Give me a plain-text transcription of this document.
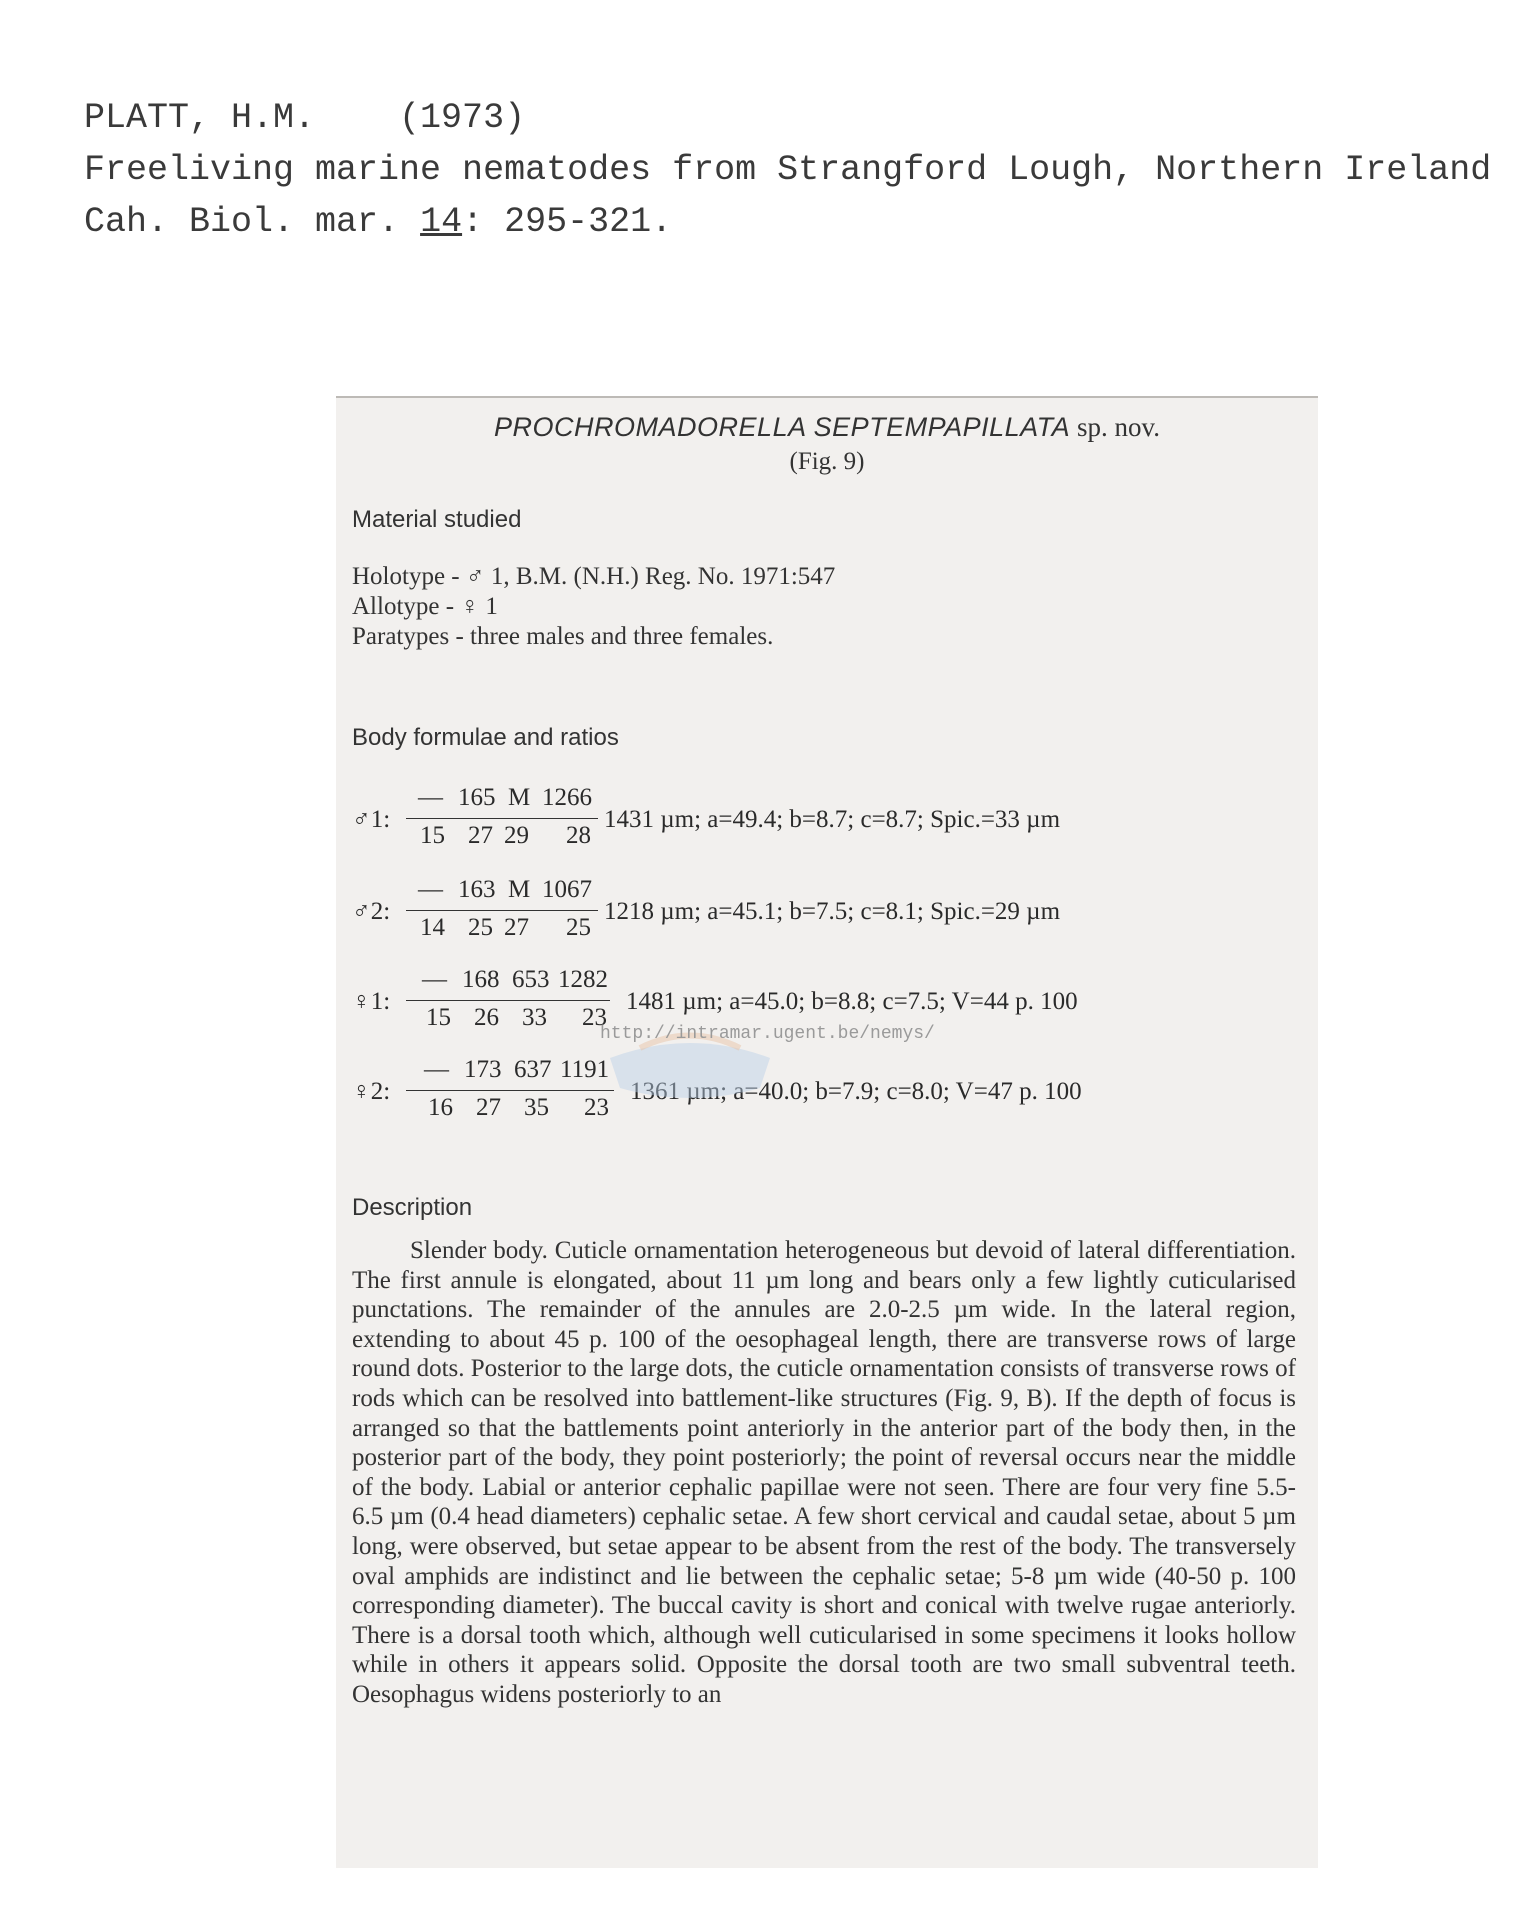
PLATT, H.M.    (1973)
Freeliving marine nematodes from Strangford Lough, Northern Ireland
Cah. Biol. mar. 14: 295-321.
PROCHROMADORELLA SEPTEMPAPILLATA sp. nov.
(Fig. 9)
Material studied
Holotype - ♂ 1, B.M. (N.H.) Reg. No. 1971:547
Allotype - ♀ 1
Paratypes - three males and three females.
Body formulae and ratios
♂1:
— 165 M 1266
15 27 29 28
1431 µm; a=49.4; b=8.7; c=8.7; Spic.=33 µm
♂2:
— 163 M 1067
14 25 27 25
1218 µm; a=45.1; b=7.5; c=8.1; Spic.=29 µm
♀1:
— 168 653 1282
15 26 33 23
1481 µm; a=45.0; b=8.8; c=7.5; V=44 p. 100
♀2:
— 173 637 1191
16 27 35 23
1361 µm; a=40.0; b=7.9; c=8.0; V=47 p. 100
http://intramar.ugent.be/nemys/
Description

Slender body. Cuticle ornamentation heterogeneous but devoid of lateral differentiation. The first annule is elongated, about 11 µm long and bears only a few lightly cuticularised punctations. The remainder of the annules are 2.0-2.5 µm wide. In the lateral region, extending to about 45 p. 100 of the oesophageal length, there are transverse rows of large round dots. Posterior to the large dots, the cuticle ornamentation consists of transverse rows of rods which can be resolved into battlement-like structures (Fig. 9, B). If the depth of focus is arranged so that the battlements point anteriorly in the anterior part of the body then, in the posterior part of the body, they point posteriorly; the point of reversal occurs near the middle of the body. Labial or anterior cephalic papillae were not seen. There are four very fine 5.5-6.5 µm (0.4 head diameters) cephalic setae. A few short cervical and caudal setae, about 5 µm long, were observed, but setae appear to be absent from the rest of the body. The transversely oval amphids are indistinct and lie between the cephalic setae; 5-8 µm wide (40-50 p. 100 corresponding diameter). The buccal cavity is short and conical with twelve rugae anteriorly. There is a dorsal tooth which, although well cuticularised in some specimens it looks hollow while in others it appears solid. Opposite the dorsal tooth are two small subventral teeth. Oesophagus widens posteriorly to an
